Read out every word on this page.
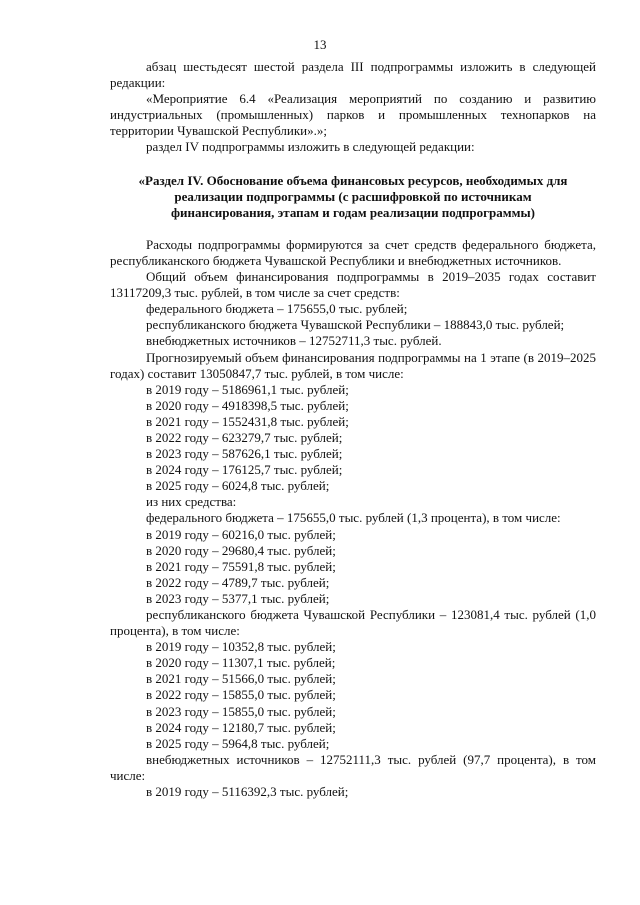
13

абзац шестьдесят шестой раздела III подпрограммы изложить в следующей редакции:

«Мероприятие 6.4 «Реализация мероприятий по созданию и развитию индустриальных (промышленных) парков и промышленных технопарков на территории Чувашской Республики».»;

раздел IV подпрограммы изложить в следующей редакции:

«Раздел IV. Обоснование объема финансовых ресурсов, необходимых для реализации подпрограммы (с расшифровкой по источникам финансирования, этапам и годам реализации подпрограммы)

Расходы подпрограммы формируются за счет средств федерального бюджета, республиканского бюджета Чувашской Республики и внебюджетных источников.

Общий объем финансирования подпрограммы в 2019–2035 годах составит 13117209,3 тыс. рублей, в том числе за счет средств:

федерального бюджета – 175655,0 тыс. рублей;

республиканского бюджета Чувашской Республики – 188843,0 тыс. рублей;

внебюджетных источников – 12752711,3 тыс. рублей.

Прогнозируемый объем финансирования подпрограммы на 1 этапе (в 2019–2025 годах) составит 13050847,7 тыс. рублей, в том числе:

в 2019 году – 5186961,1 тыс. рублей;

в 2020 году – 4918398,5 тыс. рублей;

в 2021 году – 1552431,8 тыс. рублей;

в 2022 году – 623279,7 тыс. рублей;

в 2023 году – 587626,1 тыс. рублей;

в 2024 году – 176125,7 тыс. рублей;

в 2025 году – 6024,8 тыс. рублей;

из них средства:

федерального бюджета – 175655,0 тыс. рублей (1,3 процента), в том числе:

в 2019 году – 60216,0 тыс. рублей;

в 2020 году – 29680,4 тыс. рублей;

в 2021 году – 75591,8 тыс. рублей;

в 2022 году – 4789,7 тыс. рублей;

в 2023 году – 5377,1 тыс. рублей;

республиканского бюджета Чувашской Республики – 123081,4 тыс. рублей (1,0 процента), в том числе:

в 2019 году – 10352,8 тыс. рублей;

в 2020 году – 11307,1 тыс. рублей;

в 2021 году – 51566,0 тыс. рублей;

в 2022 году – 15855,0 тыс. рублей;

в 2023 году – 15855,0 тыс. рублей;

в 2024 году – 12180,7 тыс. рублей;

в 2025 году – 5964,8 тыс. рублей;

внебюджетных источников – 12752111,3 тыс. рублей (97,7 процента), в том числе:

в 2019 году – 5116392,3 тыс. рублей;
